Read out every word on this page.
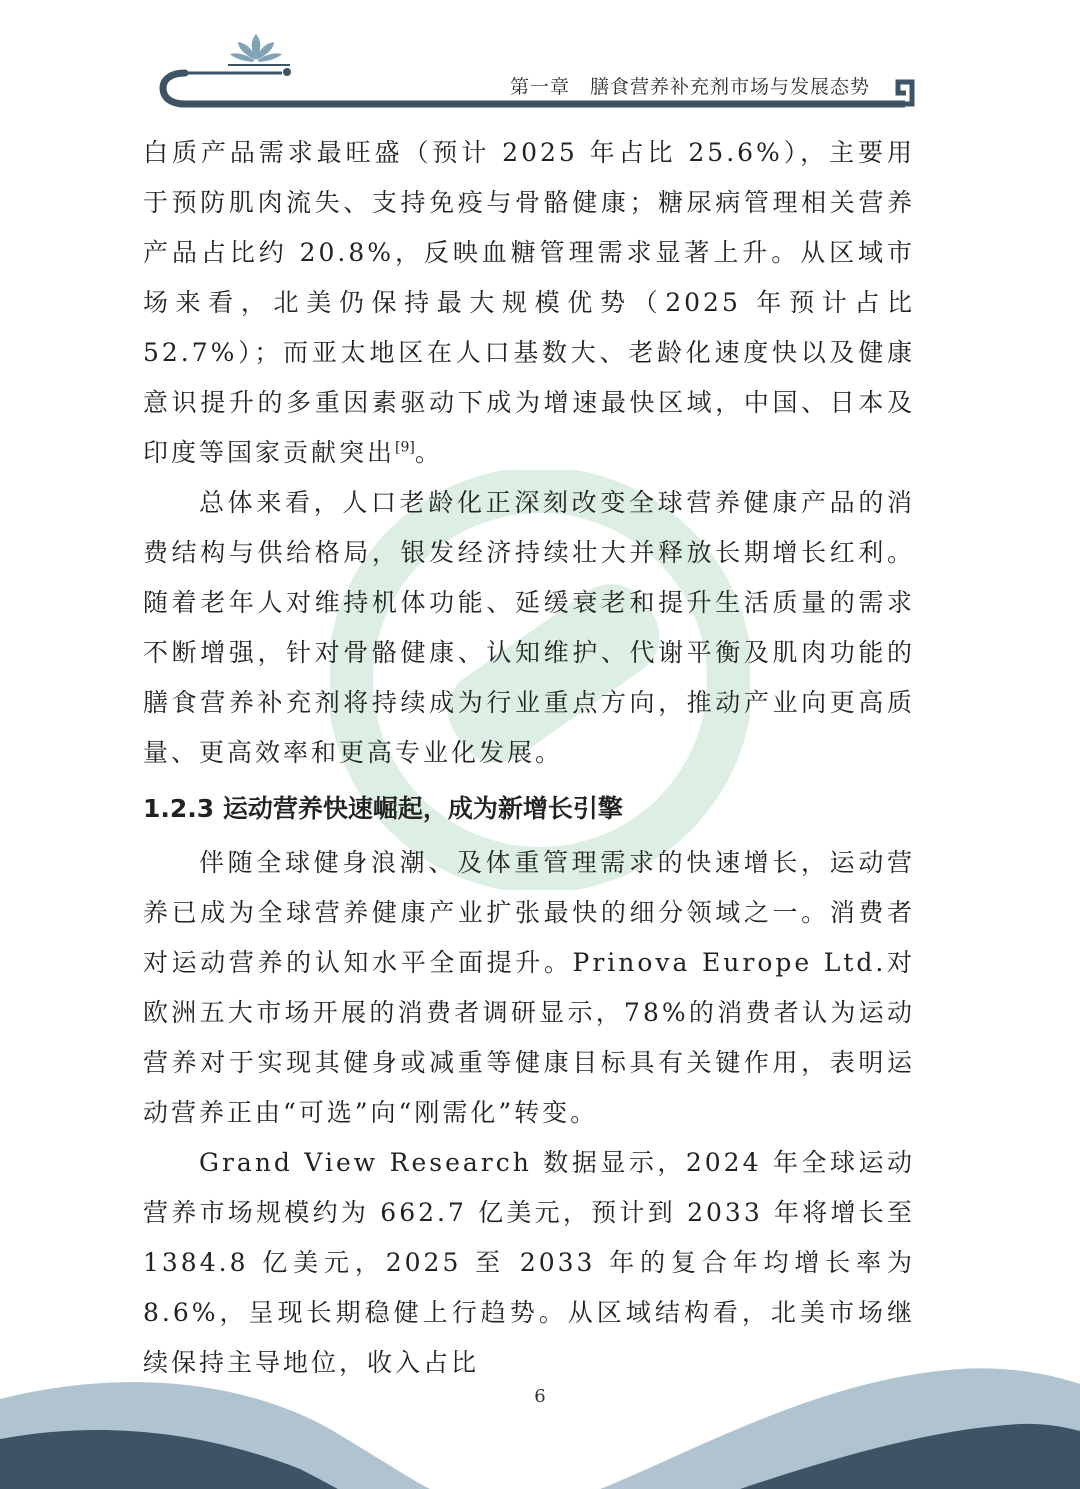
第一章　膳食营养补充剂市场与发展态势

白质产品需求最旺盛（预计 2025 年占比 25.6%），主要用于预防肌肉流失、支持免疫与骨骼健康；糖尿病管理相关营养产品占比约 20.8%，反映血糖管理需求显著上升。从区域市场来看，北美仍保持最大规模优势（2025 年预计占比 52.7%）；而亚太地区在人口基数大、老龄化速度快以及健康意识提升的多重因素驱动下成为增速最快区域，中国、日本及印度等国家贡献突出[9]。

总体来看，人口老龄化正深刻改变全球营养健康产品的消费结构与供给格局，银发经济持续壮大并释放长期增长红利。随着老年人对维持机体功能、延缓衰老和提升生活质量的需求不断增强，针对骨骼健康、认知维护、代谢平衡及肌肉功能的膳食营养补充剂将持续成为行业重点方向，推动产业向更高质量、更高效率和更高专业化发展。

1.2.3 运动营养快速崛起，成为新增长引擎

伴随全球健身浪潮、及体重管理需求的快速增长，运动营养已成为全球营养健康产业扩张最快的细分领域之一。消费者对运动营养的认知水平全面提升。Prinova Europe Ltd.对欧洲五大市场开展的消费者调研显示，78%的消费者认为运动营养对于实现其健身或减重等健康目标具有关键作用，表明运动营养正由“可选”向“刚需化”转变。

Grand View Research 数据显示，2024 年全球运动营养市场规模约为 662.7 亿美元，预计到 2033 年将增长至 1384.8 亿美元，2025 至 2033 年的复合年均增长率为 8.6%，呈现长期稳健上行趋势。从区域结构看，北美市场继续保持主导地位，收入占比

6
